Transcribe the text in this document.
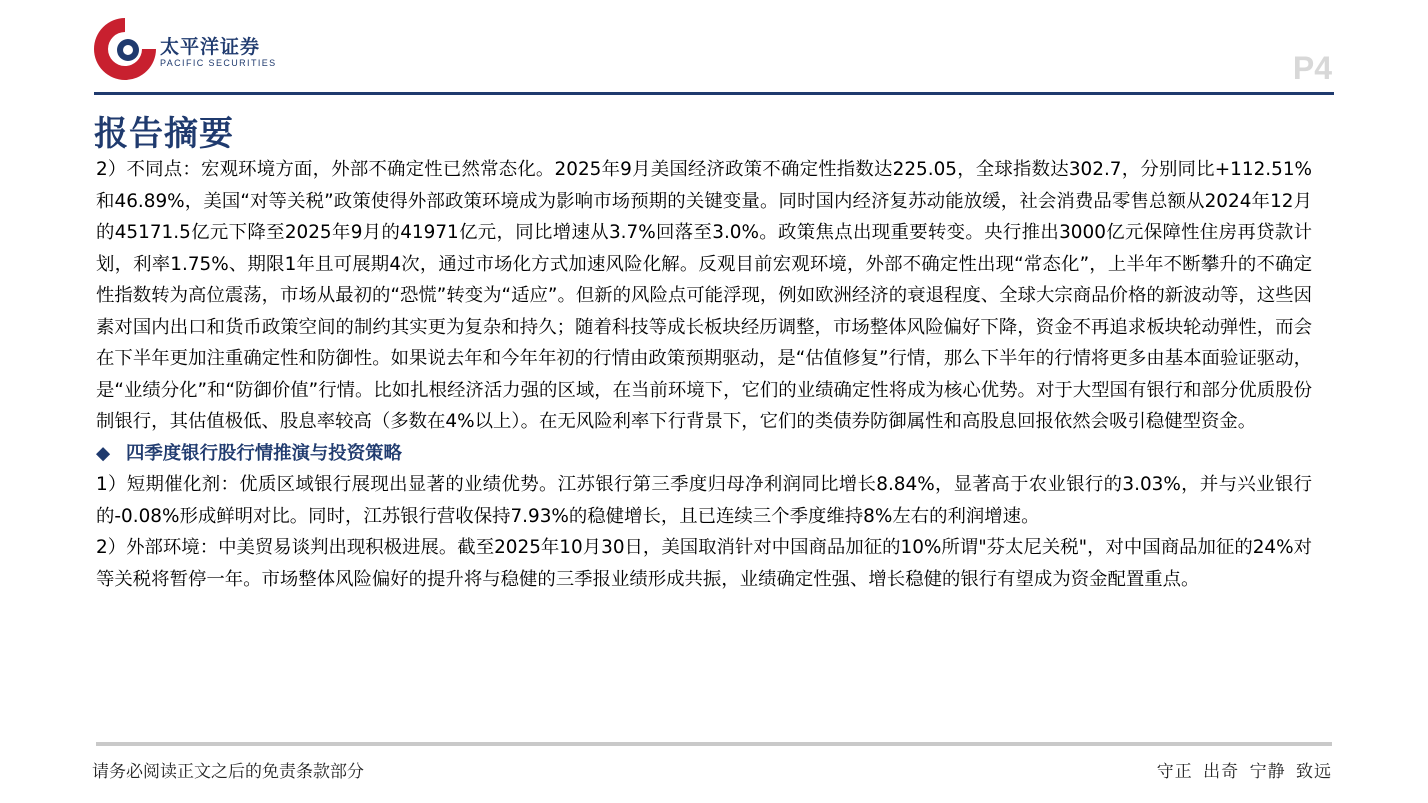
太平洋证券
PACIFIC SECURITIES	P4
报告摘要

2）不同点：宏观环境方面，外部不确定性已然常态化。2025年9月美国经济政策不确定性指数达225.05，全球指数达302.7，分别同比+112.51%和46.89%，美国“对等关税”政策使得外部政策环境成为影响市场预期的关键变量。同时国内经济复苏动能放缓，社会消费品零售总额从2024年12月的45171.5亿元下降至2025年9月的41971亿元，同比增速从3.7%回落至3.0%。政策焦点出现重要转变。央行推出3000亿元保障性住房再贷款计划，利率1.75%、期限1年且可展期4次，通过市场化方式加速风险化解。反观目前宏观环境，外部不确定性出现“常态化”，上半年不断攀升的不确定性指数转为高位震荡，市场从最初的“恐慌”转变为“适应”。但新的风险点可能浮现，例如欧洲经济的衰退程度、全球大宗商品价格的新波动等，这些因素对国内出口和货币政策空间的制约其实更为复杂和持久；随着科技等成长板块经历调整，市场整体风险偏好下降，资金不再追求板块轮动弹性，而会在下半年更加注重确定性和防御性。如果说去年和今年年初的行情由政策预期驱动，是“估值修复”行情，那么下半年的行情将更多由基本面验证驱动，是“业绩分化”和“防御价值”行情。比如扎根经济活力强的区域，在当前环境下，它们的业绩确定性将成为核心优势。对于大型国有银行和部分优质股份制银行，其估值极低、股息率较高（多数在4%以上）。在无风险利率下行背景下，它们的类债券防御属性和高股息回报依然会吸引稳健型资金。

◆ 四季度银行股行情推演与投资策略

1）短期催化剂：优质区域银行展现出显著的业绩优势。江苏银行第三季度归母净利润同比增长8.84%，显著高于农业银行的3.03%，并与兴业银行的-0.08%形成鲜明对比。同时，江苏银行营收保持7.93%的稳健增长，且已连续三个季度维持8%左右的利润增速。

2）外部环境：中美贸易谈判出现积极进展。截至2025年10月30日，美国取消针对中国商品加征的10%所谓"芬太尼关税"，对中国商品加征的24%对等关税将暂停一年。市场整体风险偏好的提升将与稳健的三季报业绩形成共振，业绩确定性强、增长稳健的银行有望成为资金配置重点。

请务必阅读正文之后的免责条款部分	守正 出奇 宁静 致远
